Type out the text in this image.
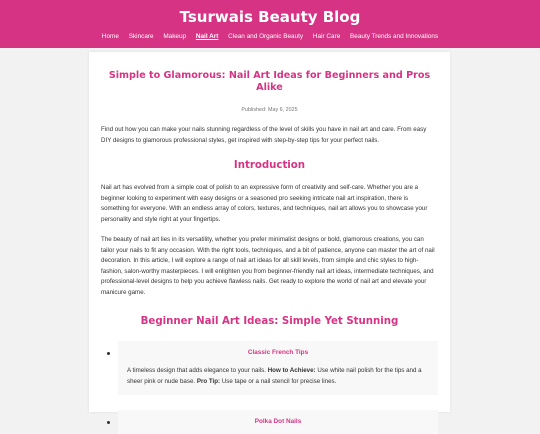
Tsurwais Beauty Blog
Home Skincare Makeup Nail Art Clean and Organic Beauty Hair Care Beauty Trends and Innovations
Simple to Glamorous: Nail Art Ideas for Beginners and Pros Alike
Published: May 6, 2025

Find out how you can make your nails stunning regardless of the level of skills you have in nail art and care. From easy DIY designs to glamorous professional styles, get inspired with step-by-step tips for your perfect nails.

Introduction

Nail art has evolved from a simple coat of polish to an expressive form of creativity and self-care. Whether you are a beginner looking to experiment with easy designs or a seasoned pro seeking intricate nail art inspiration, there is something for everyone. With an endless array of colors, textures, and techniques, nail art allows you to showcase your personality and style right at your fingertips.

The beauty of nail art lies in its versatility, whether you prefer minimalist designs or bold, glamorous creations, you can tailor your nails to fit any occasion. With the right tools, techniques, and a bit of patience, anyone can master the art of nail decoration. In this article, I will explore a range of nail art ideas for all skill levels, from simple and chic styles to high-fashion, salon-worthy masterpieces. I will enlighten you from beginner-friendly nail art ideas, intermediate techniques, and professional-level designs to help you achieve flawless nails. Get ready to explore the world of nail art and elevate your manicure game.

Beginner Nail Art Ideas: Simple Yet Stunning
Classic French Tips
A timeless design that adds elegance to your nails. How to Achieve: Use white nail polish for the tips and a sheer pink or nude base. Pro Tip: Use tape or a nail stencil for precise lines.
Polka Dot Nails
